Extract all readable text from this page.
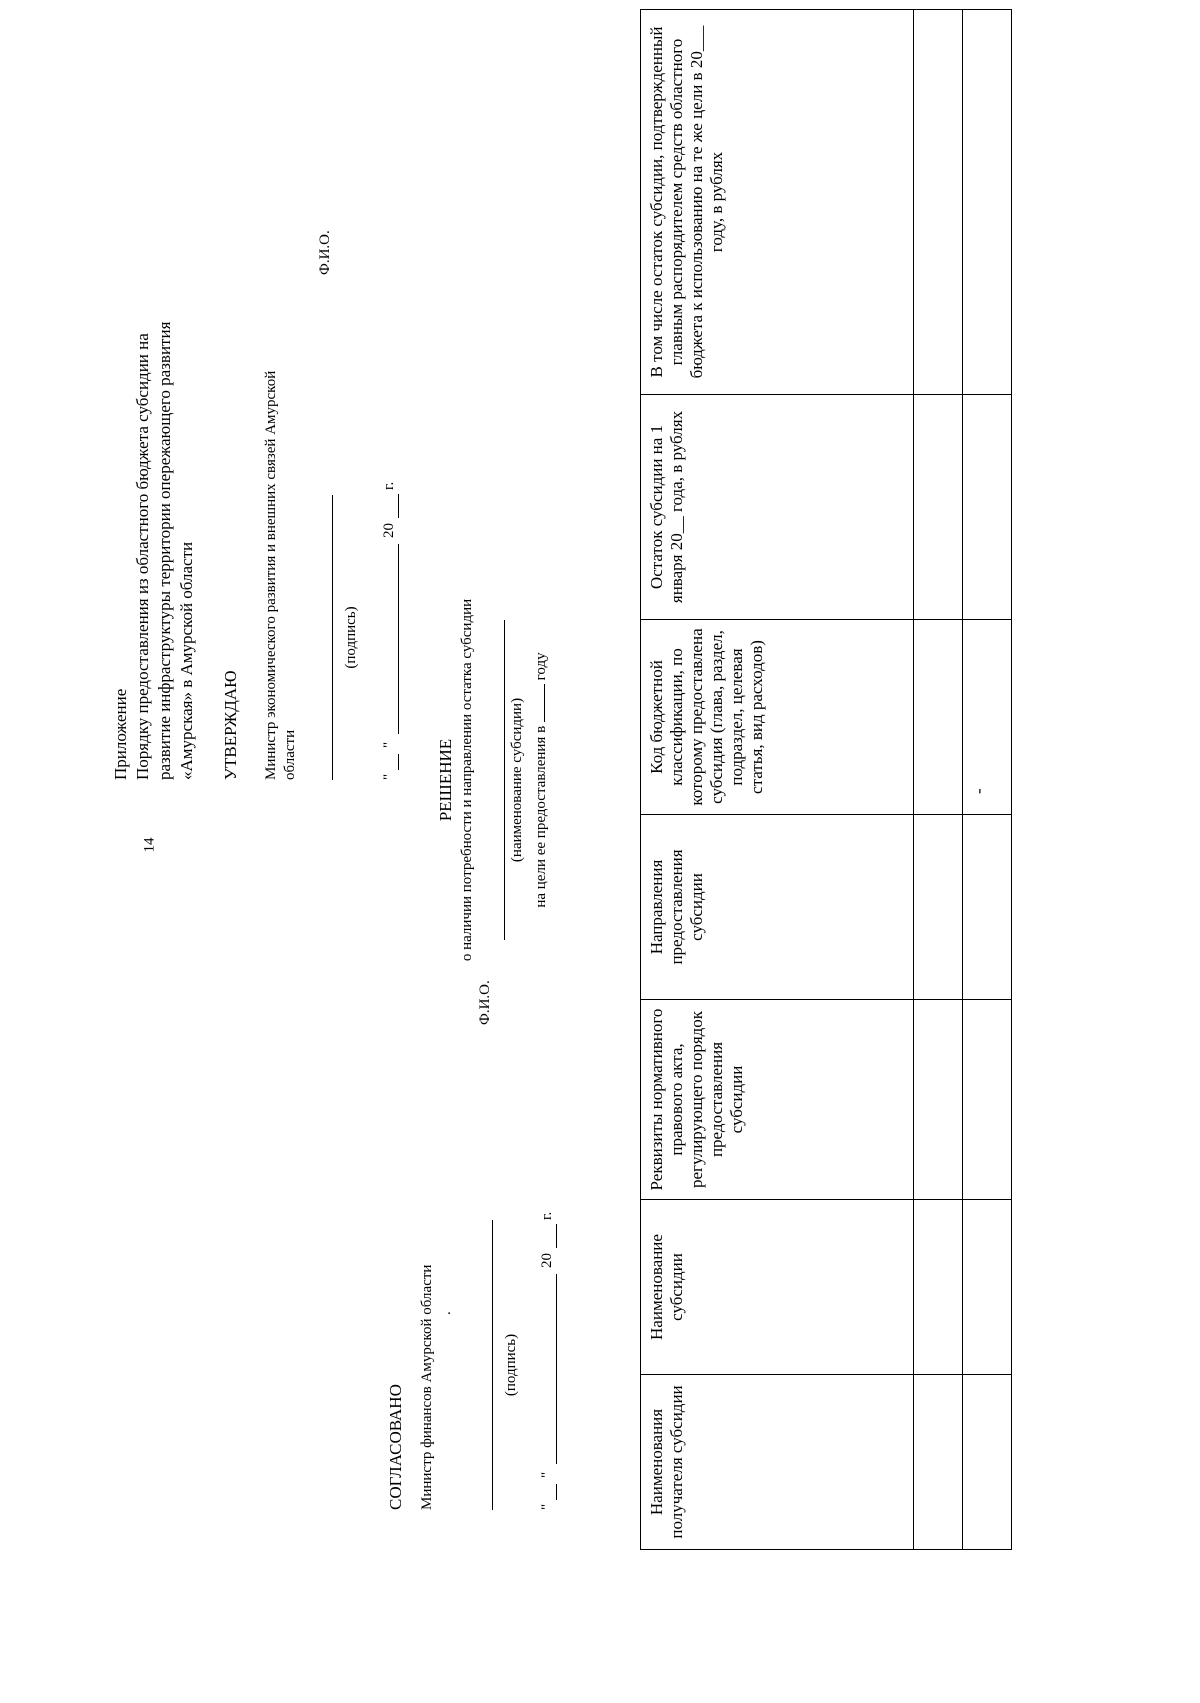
14
Приложение Порядку предоставления из областного бюджета субсидии на развитие инфраструктуры территории опережающего развития «Амурская» в Амурской области УТВЕРЖДАЮ Министр экономического развития и внешних связей Амурской области
Ф.И.О.
(подпись)
"
"
20
г.
СОГЛАСОВАНО Министр финансов Амурской области .
Ф.И.О.
(подпись)
"
"
20
г.
РЕШЕНИЕ о наличии потребности и направлении остатка субсидии (наименование субсидии) на цели ее предоставления в  году
Наименования получателя субсидии	Наименование субсидии	Реквизиты нормативного правового акта, регулирующего порядок предоставления субсидии	Направления предоставления субсидии	Код бюджетной классификации, по которому предоставлена субсидия (глава, раздел, подраздел, целевая статья, вид расходов)	Остаток субсидии на 1 января 20__ года, в рублях	В том числе остаток субсидии, подтвержденный главным распорядителем средств областного бюджета к использованию на те же цели в 20___ году, в рублях

				-		
